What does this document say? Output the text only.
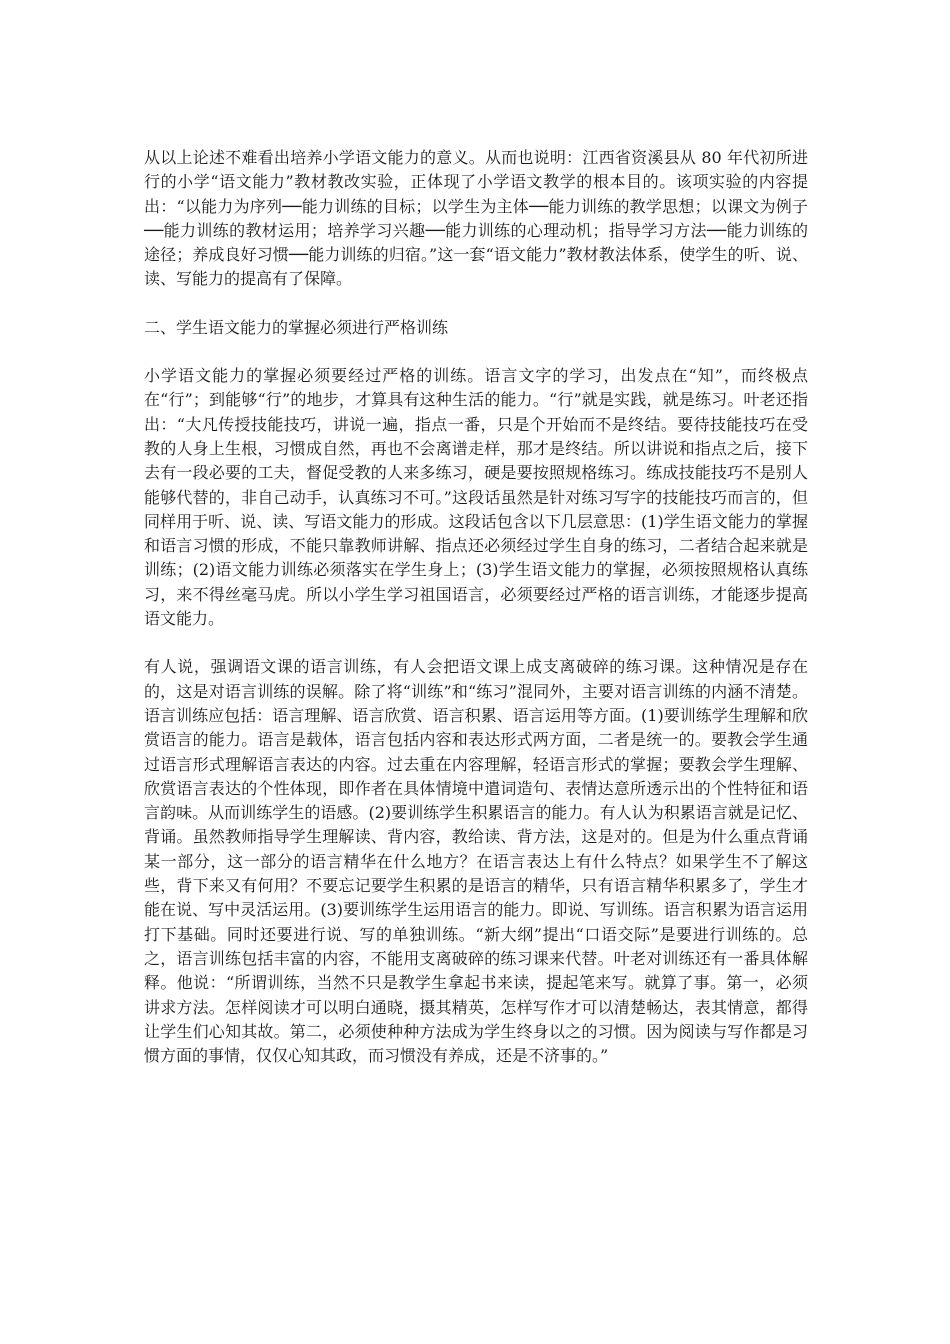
从以上论述不难看出培养小学语文能力的意义。从而也说明：江西省资溪县从 80 年代初所进行的小学“语文能力”教材教改实验，正体现了小学语文教学的根本目的。该项实验的内容提出：“以能力为序列──能力训练的目标；以学生为主体──能力训练的教学思想；以课文为例子──能力训练的教材运用；培养学习兴趣──能力训练的心理动机；指导学习方法──能力训练的途径；养成良好习惯──能力训练的归宿。”这一套“语文能力”教材教法体系，使学生的听、说、读、写能力的提高有了保障。

二、学生语文能力的掌握必须进行严格训练

小学语文能力的掌握必须要经过严格的训练。语言文字的学习，出发点在“知”，而终极点在“行”；到能够“行”的地步，才算具有这种生活的能力。“行”就是实践，就是练习。叶老还指出：“大凡传授技能技巧，讲说一遍，指点一番，只是个开始而不是终结。要待技能技巧在受教的人身上生根，习惯成自然，再也不会离谱走样，那才是终结。所以讲说和指点之后，接下去有一段必要的工夫，督促受教的人来多练习，硬是要按照规格练习。练成技能技巧不是别人能够代替的，非自己动手，认真练习不可。”这段话虽然是针对练习写字的技能技巧而言的，但同样用于听、说、读、写语文能力的形成。这段话包含以下几层意思：(1)学生语文能力的掌握和语言习惯的形成，不能只靠教师讲解、指点还必须经过学生自身的练习，二者结合起来就是训练；(2)语文能力训练必须落实在学生身上；(3)学生语文能力的掌握，必须按照规格认真练习，来不得丝毫马虎。所以小学生学习祖国语言，必须要经过严格的语言训练，才能逐步提高语文能力。

有人说，强调语文课的语言训练，有人会把语文课上成支离破碎的练习课。这种情况是存在的，这是对语言训练的误解。除了将“训练”和“练习”混同外，主要对语言训练的内涵不清楚。语言训练应包括：语言理解、语言欣赏、语言积累、语言运用等方面。(1)要训练学生理解和欣赏语言的能力。语言是载体，语言包括内容和表达形式两方面，二者是统一的。要教会学生通过语言形式理解语言表达的内容。过去重在内容理解，轻语言形式的掌握；要教会学生理解、欣赏语言表达的个性体现，即作者在具体情境中遣词造句、表情达意所透示出的个性特征和语言韵味。从而训练学生的语感。(2)要训练学生积累语言的能力。有人认为积累语言就是记忆、背诵。虽然教师指导学生理解读、背内容，教给读、背方法，这是对的。但是为什么重点背诵某一部分，这一部分的语言精华在什么地方？在语言表达上有什么特点？如果学生不了解这些，背下来又有何用？不要忘记要学生积累的是语言的精华，只有语言精华积累多了，学生才能在说、写中灵活运用。(3)要训练学生运用语言的能力。即说、写训练。语言积累为语言运用打下基础。同时还要进行说、写的单独训练。“新大纲”提出“口语交际”是要进行训练的。总之，语言训练包括丰富的内容，不能用支离破碎的练习课来代替。叶老对训练还有一番具体解释。他说：“所谓训练，当然不只是教学生拿起书来读，提起笔来写。就算了事。第一，必须讲求方法。怎样阅读才可以明白通晓，摄其精英，怎样写作才可以清楚畅达，表其情意，都得让学生们心知其故。第二，必须使种种方法成为学生终身以之的习惯。因为阅读与写作都是习惯方面的事情，仅仅心知其政，而习惯没有养成，还是不济事的。”
